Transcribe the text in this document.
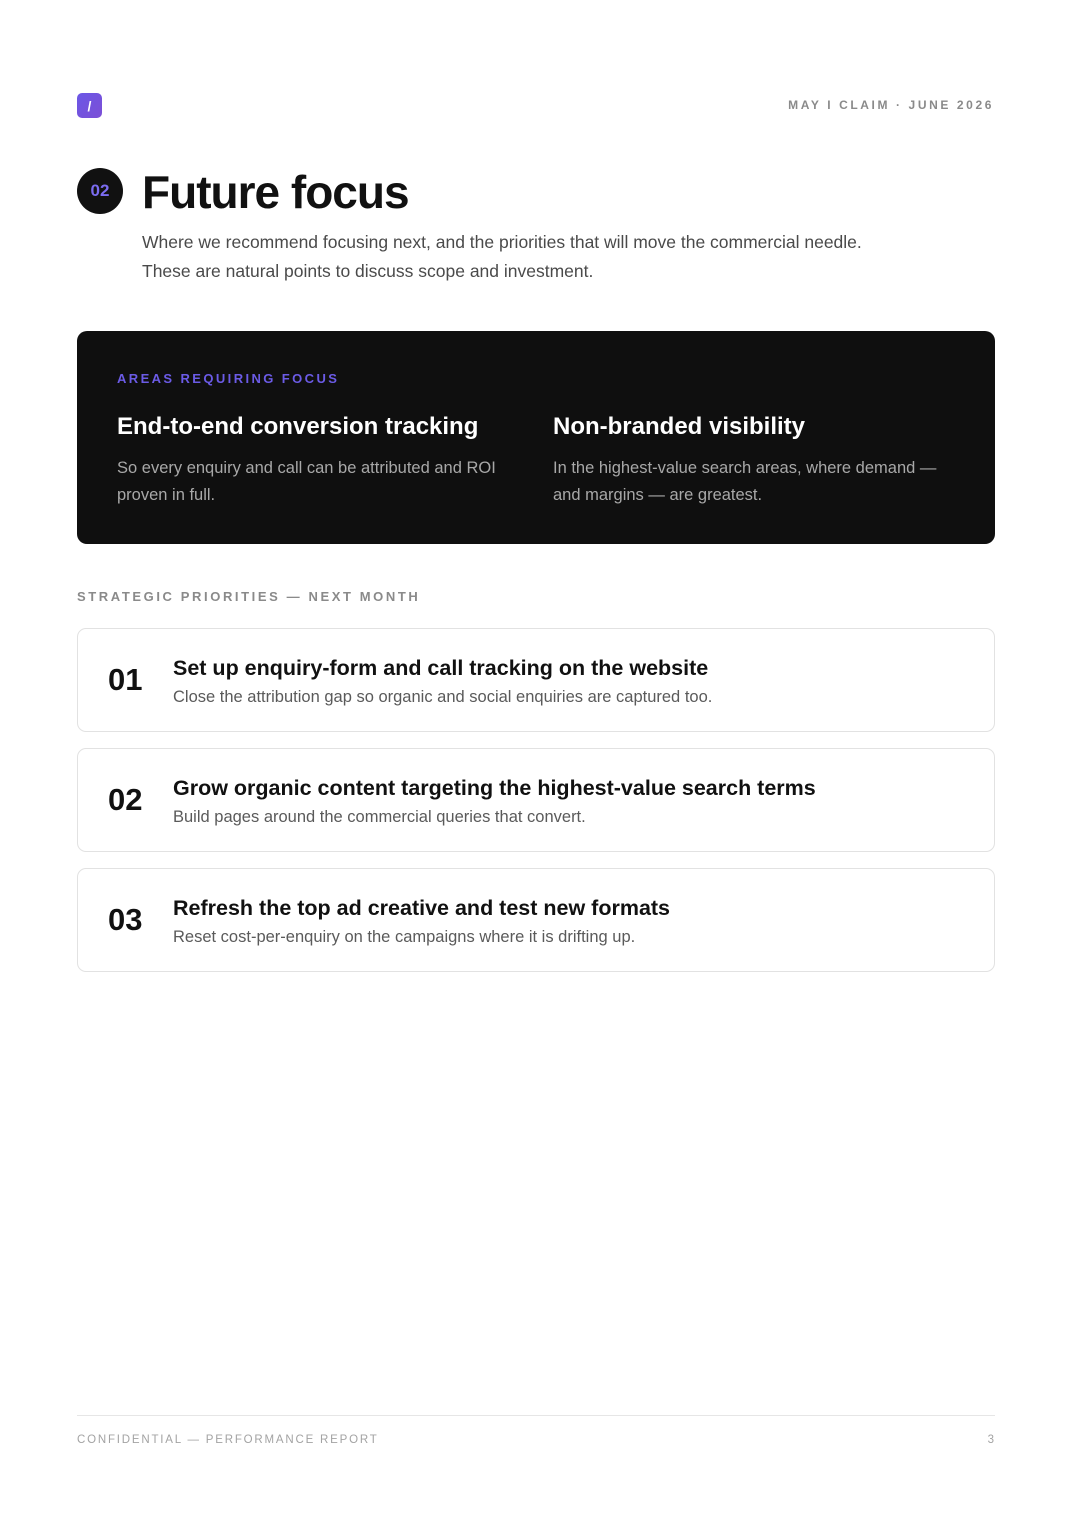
/	MAY I CLAIM · JUNE 2026
02 Future focus

Where we recommend focusing next, and the priorities that will move the commercial needle.

These are natural points to discuss scope and investment.

AREAS REQUIRING FOCUS
End-to-end conversion tracking

So every enquiry and call can be attributed and ROI proven in full.

Non-branded visibility

In the highest-value search areas, where demand — and margins — are greatest.

STRATEGIC PRIORITIES — NEXT MONTH
01 Set up enquiry-form and call tracking on the website
Close the attribution gap so organic and social enquiries are captured too.
02 Grow organic content targeting the highest-value search terms
Build pages around the commercial queries that convert.
03 Refresh the top ad creative and test new formats
Reset cost-per-enquiry on the campaigns where it is drifting up.
CONFIDENTIAL — PERFORMANCE REPORT	3
